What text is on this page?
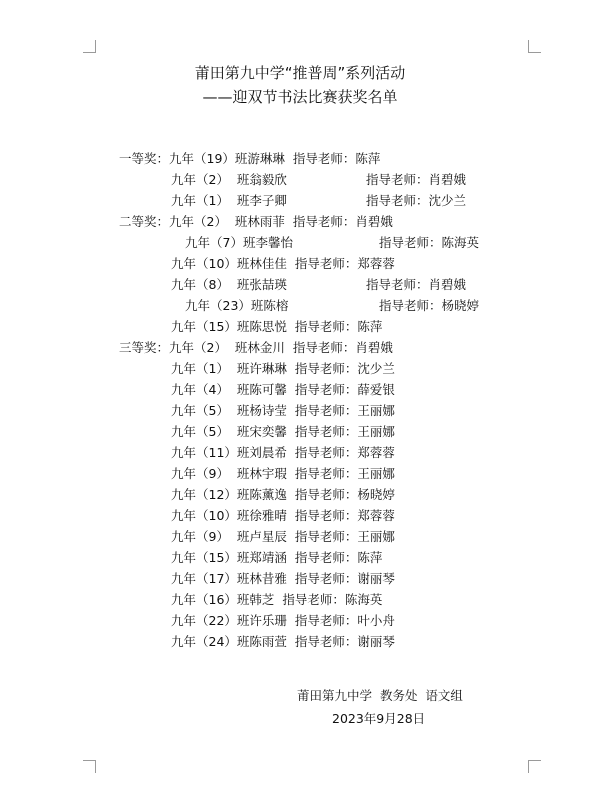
莆田第九中学“推普周”系列活动
——迎双节书法比赛获奖名单
一等奖：九年（19）班游琳琳  指导老师：陈萍
九年（2）  班翁毅欣	指导老师：肖碧娥
九年（1）  班李子卿	指导老师：沈少兰
二等奖：九年（2）  班林雨菲  指导老师：肖碧娥
九年（7）班李馨怡	指导老师：陈海英
九年（10）班林佳佳  指导老师：郑蓉蓉
九年（8）  班张喆瑛	指导老师：肖碧娥
九年（23）班陈榕	指导老师：杨晓婷
九年（15）班陈思悦  指导老师：陈萍
三等奖：九年（2）  班林金川  指导老师：肖碧娥
九年（1）  班许琳琳  指导老师：沈少兰
九年（4）  班陈可馨  指导老师：薛爱银
九年（5）  班杨诗莹  指导老师：王丽娜
九年（5）  班宋奕馨  指导老师：王丽娜
九年（11）班刘晨希  指导老师：郑蓉蓉
九年（9）  班林宇瑕  指导老师：王丽娜
九年（12）班陈薰逸  指导老师：杨晓婷
九年（10）班徐雅晴  指导老师：郑蓉蓉
九年（9）  班卢星辰  指导老师：王丽娜
九年（15）班郑靖涵  指导老师：陈萍
九年（17）班林昔雅  指导老师：谢丽琴
九年（16）班韩芝  指导老师：陈海英
九年（22）班许乐珊  指导老师：叶小舟
九年（24）班陈雨萱  指导老师：谢丽琴
莆田第九中学  教务处  语文组
2023年9月28日
